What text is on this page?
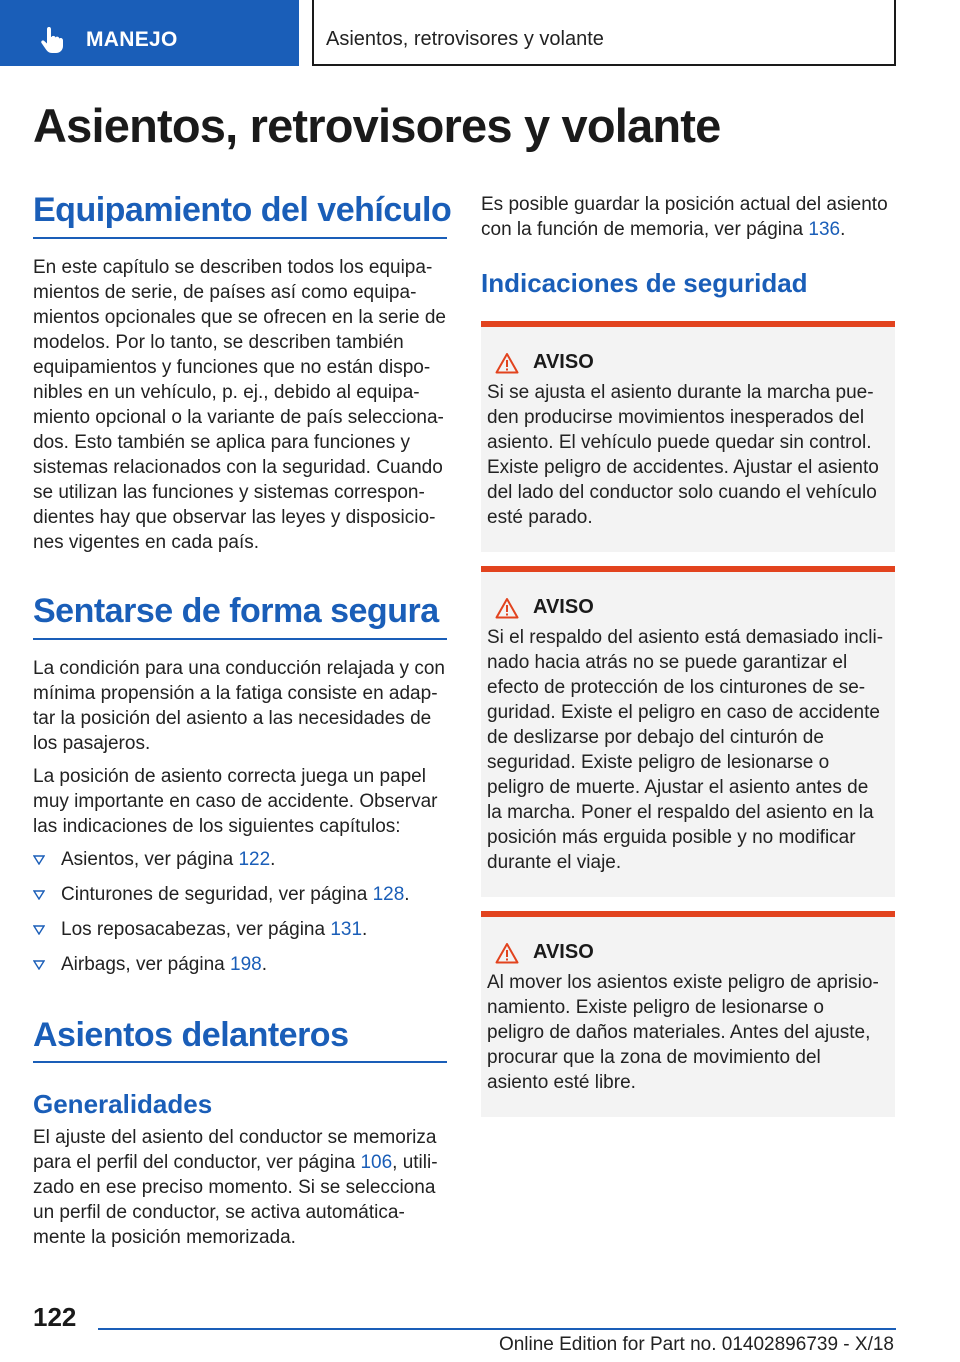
MANEJO	Asientos, retrovisores y volante
Asientos, retrovisores y volante
Equipamiento del vehículo

En este capítulo se describen todos los equipamientos de serie, de países así como equipamientos opcionales que se ofrecen en la serie de modelos. Por lo tanto, se describen también equipamientos y funciones que no están disponibles en un vehículo, p. ej., debido al equipamiento opcional o la variante de país seleccionados. Esto también se aplica para funciones y sistemas relacionados con la seguridad. Cuando se utilizan las funciones y sistemas correspondientes hay que observar las leyes y disposiciones vigentes en cada país.

Sentarse de forma segura

La condición para una conducción relajada y con mínima propensión a la fatiga consiste en adaptar la posición del asiento a las necesidades de los pasajeros.

La posición de asiento correcta juega un papel muy importante en caso de accidente. Observar las indicaciones de los siguientes capítulos:

Asientos, ver página 122.
Cinturones de seguridad, ver página 128.
Los reposacabezas, ver página 131.
Airbags, ver página 198.
Asientos delanteros
Generalidades

El ajuste del asiento del conductor se memoriza para el perfil del conductor, ver página 106, utilizado en ese preciso momento. Si se selecciona un perfil de conductor, se activa automáticamente la posición memorizada.

Es posible guardar la posición actual del asiento con la función de memoria, ver página 136.

Indicaciones de seguridad
AVISO

Si se ajusta el asiento durante la marcha pueden producirse movimientos inesperados del asiento. El vehículo puede quedar sin control. Existe peligro de accidentes. Ajustar el asiento del lado del conductor solo cuando el vehículo esté parado.

AVISO

Si el respaldo del asiento está demasiado inclinado hacia atrás no se puede garantizar el efecto de protección de los cinturones de seguridad. Existe el peligro en caso de accidente de deslizarse por debajo del cinturón de seguridad. Existe peligro de lesionarse o peligro de muerte. Ajustar el asiento antes de la marcha. Poner el respaldo del asiento en la posición más erguida posible y no modificar durante el viaje.

AVISO

Al mover los asientos existe peligro de aprisionamiento. Existe peligro de lesionarse o peligro de daños materiales. Antes del ajuste, procurar que la zona de movimiento del asiento esté libre.

122
Online Edition for Part no. 01402896739 - X/18
